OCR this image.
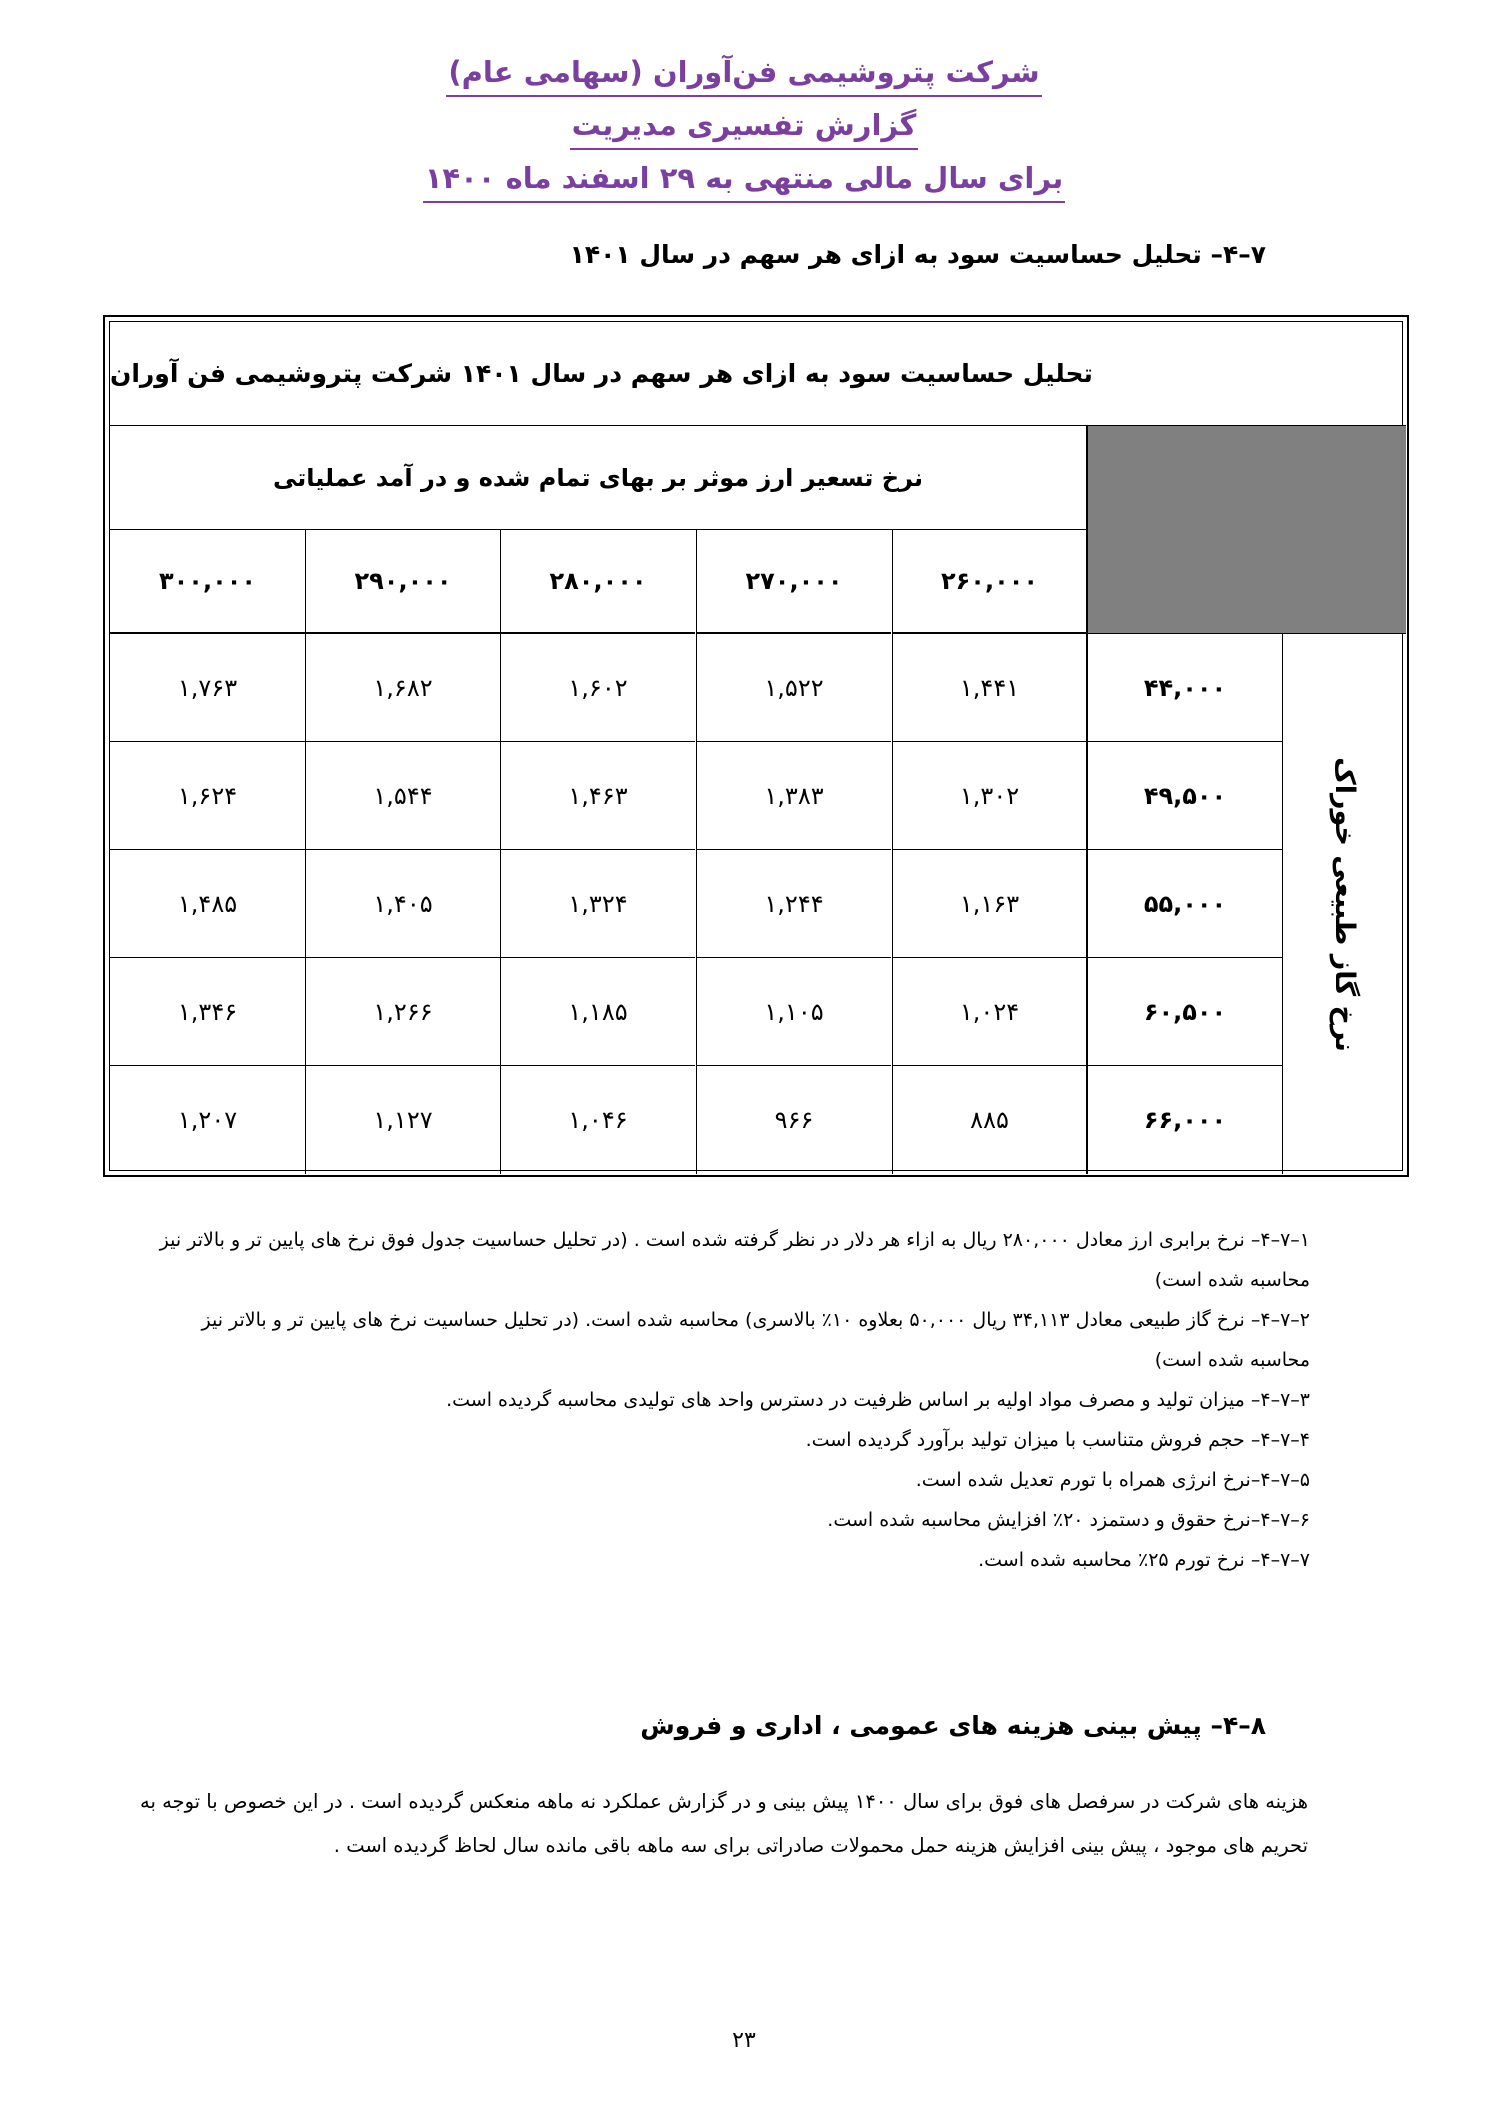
شرکت پتروشیمی فن‌آوران (سهامی عام)
گزارش تفسیری مدیریت
برای سال مالی منتهی به ۲۹ اسفند ماه ۱۴۰۰
۷–۴– تحلیل حساسیت سود به ازای هر سهم در سال ۱۴۰۱
تحلیل حساسیت سود به ازای هر سهم در سال ۱۴۰۱ شرکت پتروشیمی فن آوران
نرخ تسعیر ارز موثر بر بهای تمام شده و در آمد عملیاتی
نرخ گاز طبیعی خوراک
۲۶۰,۰۰۰
۲۷۰,۰۰۰
۲۸۰,۰۰۰
۲۹۰,۰۰۰
۳۰۰,۰۰۰
۴۴,۰۰۰
۱,۴۴۱
۱,۵۲۲
۱,۶۰۲
۱,۶۸۲
۱,۷۶۳
۴۹,۵۰۰
۱,۳۰۲
۱,۳۸۳
۱,۴۶۳
۱,۵۴۴
۱,۶۲۴
۵۵,۰۰۰
۱,۱۶۳
۱,۲۴۴
۱,۳۲۴
۱,۴۰۵
۱,۴۸۵
۶۰,۵۰۰
۱,۰۲۴
۱,۱۰۵
۱,۱۸۵
۱,۲۶۶
۱,۳۴۶
۶۶,۰۰۰
۸۸۵
۹۶۶
۱,۰۴۶
۱,۱۲۷
۱,۲۰۷
۱–۷–۴– نرخ برابری ارز معادل ۲۸۰,۰۰۰ ریال به ازاء هر دلار در نظر گرفته شده است . (در تحلیل حساسیت جدول فوق نرخ های پایین تر و بالاتر نیز محاسبه شده است)
۲–۷–۴– نرخ گاز طبیعی معادل ۳۴,۱۱۳ ریال ۵۰,۰۰۰ بعلاوه ۱۰٪ بالاسری) محاسبه شده است. (در تحلیل حساسیت نرخ های پایین تر و بالاتر نیز محاسبه شده است)
۳–۷–۴– میزان تولید و مصرف مواد اولیه بر اساس ظرفیت در دسترس واحد های تولیدی محاسبه گردیده است.
۴–۷–۴– حجم فروش متناسب با میزان تولید برآورد گردیده است.
۵–۷–۴–نرخ انرژی همراه با تورم تعدیل شده است.
۶–۷–۴–نرخ حقوق و دستمزد ۲۰٪ افزایش محاسبه شده است.
۷–۷–۴– نرخ تورم ۲۵٪ محاسبه شده است.
۸–۴– پیش بینی هزینه های عمومی ، اداری و فروش
هزینه های شرکت در سرفصل های فوق برای سال ۱۴۰۰ پیش بینی و در گزارش عملکرد نه ماهه منعکس گردیده است . در این خصوص با توجه به تحریم های موجود ، پیش بینی افزایش هزینه حمل محمولات صادراتی برای سه ماهه باقی مانده سال لحاظ گردیده است .
۲۳
